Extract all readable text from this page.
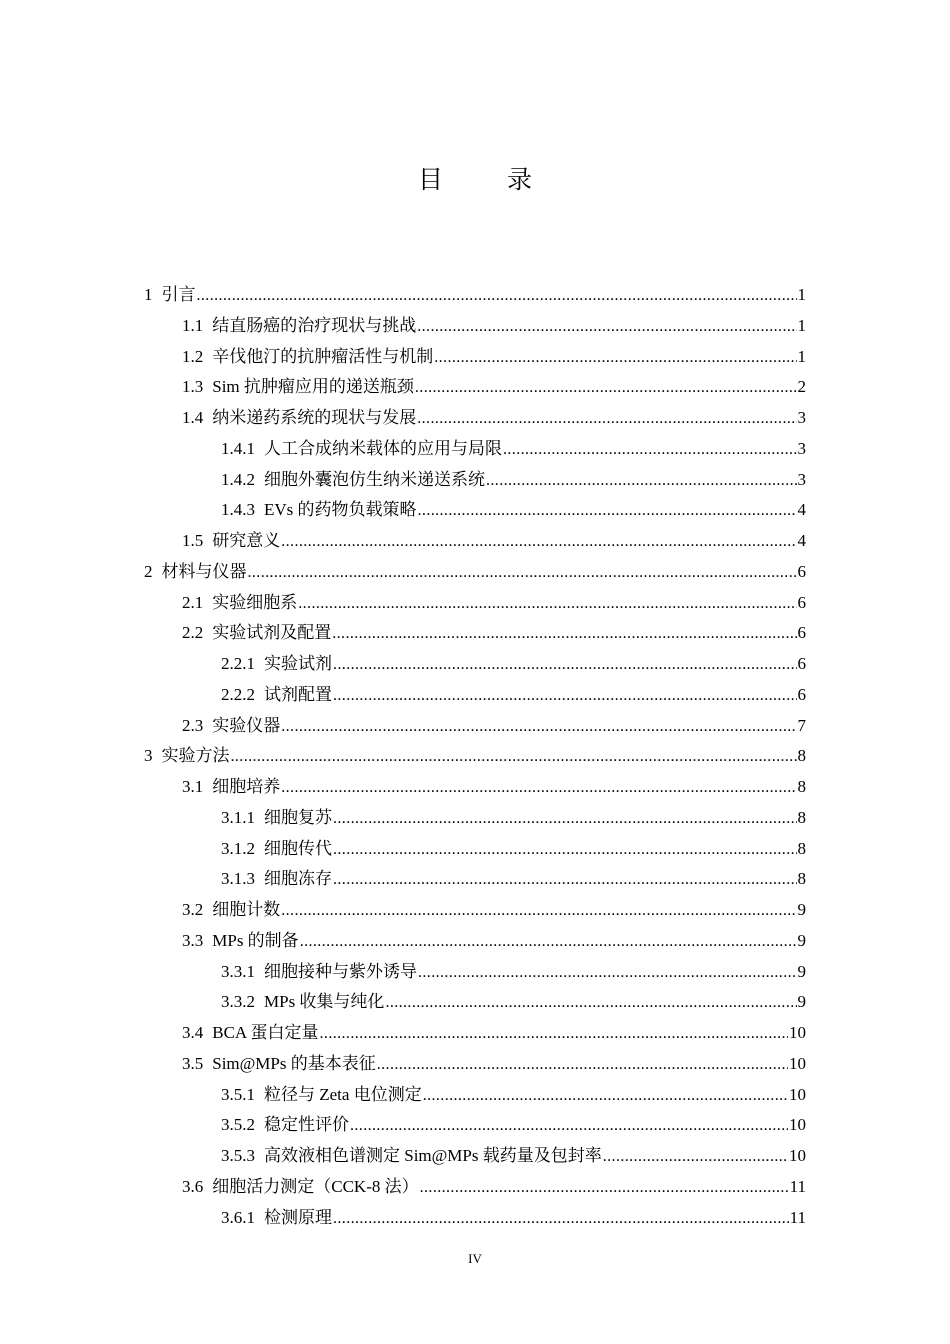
目 录
1 引言 .....	1
1.1 结直肠癌的治疗现状与挑战 .....	1
1.2 辛伐他汀的抗肿瘤活性与机制 .....	1
1.3 Sim 抗肿瘤应用的递送瓶颈 .....	2
1.4 纳米递药系统的现状与发展 .....	3
1.4.1 人工合成纳米载体的应用与局限 .....	3
1.4.2 细胞外囊泡仿生纳米递送系统 .....	3
1.4.3 EVs 的药物负载策略 .....	4
1.5 研究意义 .....	4
2 材料与仪器 .....	6
2.1 实验细胞系 .....	6
2.2 实验试剂及配置 .....	6
2.2.1 实验试剂 .....	6
2.2.2 试剂配置 .....	6
2.3 实验仪器 .....	7
3 实验方法 .....	8
3.1 细胞培养 .....	8
3.1.1 细胞复苏 .....	8
3.1.2 细胞传代 .....	8
3.1.3 细胞冻存 .....	8
3.2 细胞计数 .....	9
3.3 MPs 的制备 .....	9
3.3.1 细胞接种与紫外诱导 .....	9
3.3.2 MPs 收集与纯化 .....	9
3.4 BCA 蛋白定量 .....	10
3.5 Sim@MPs 的基本表征 .....	10
3.5.1 粒径与 Zeta 电位测定 .....	10
3.5.2 稳定性评价 .....	10
3.5.3 高效液相色谱测定 Sim@MPs 载药量及包封率 .....	10
3.6 细胞活力测定（CCK-8 法） .....	11
3.6.1 检测原理 .....	11
IV
